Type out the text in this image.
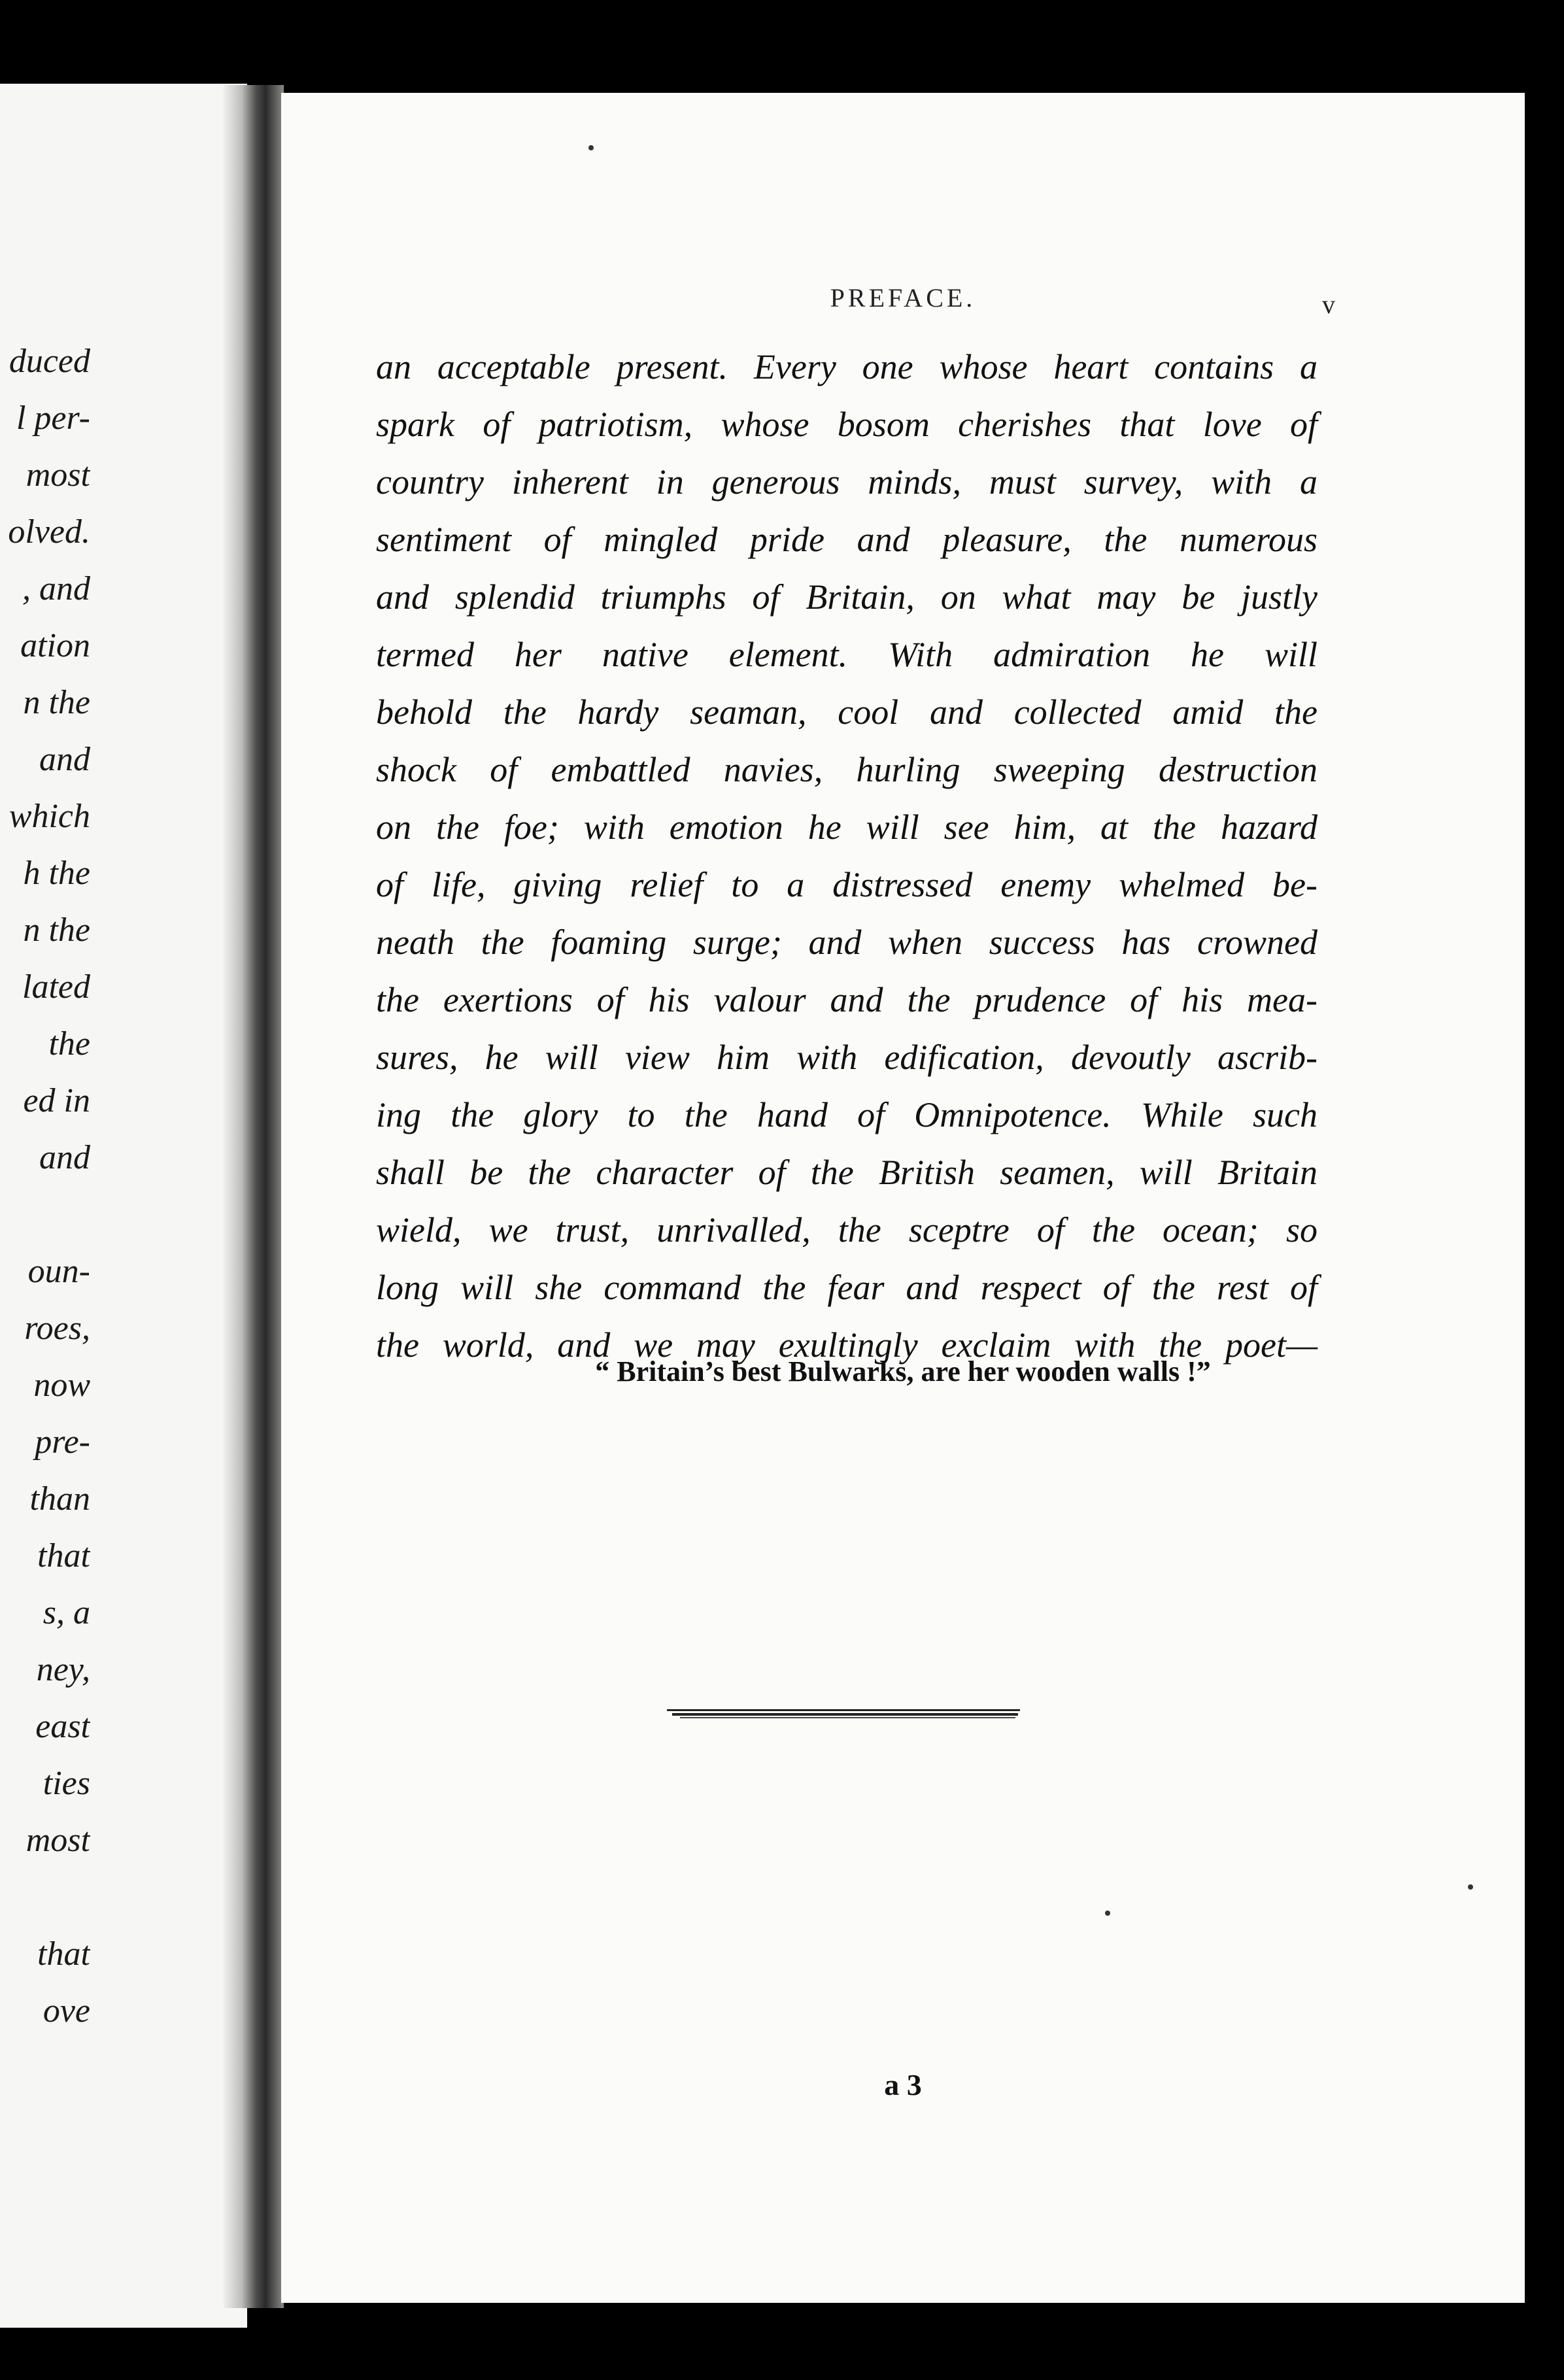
duced
l per-
most
olved.
, and
ation
n the
and
which
h the
n the
lated
the
ed in
and
oun-
roes,
now
pre-
than
that
s, a
ney,
east
ties
most
that
ove
PREFACE.	v
an acceptable present. Every one whose heart contains a
spark of patriotism, whose bosom cherishes that love of
country inherent in generous minds, must survey, with a
sentiment of mingled pride and pleasure, the numerous
and splendid triumphs of Britain, on what may be justly
termed her native element. With admiration he will
behold the hardy seaman, cool and collected amid the
shock of embattled navies, hurling sweeping destruction
on the foe; with emotion he will see him, at the hazard
of life, giving relief to a distressed enemy whelmed be-
neath the foaming surge; and when success has crowned
the exertions of his valour and the prudence of his mea-
sures, he will view him with edification, devoutly ascrib-
ing the glory to the hand of Omnipotence. While such
shall be the character of the British seamen, will Britain
wield, we trust, unrivalled, the sceptre of the ocean; so
long will she command the fear and respect of the rest of
the world, and we may exultingly exclaim with the poet—
“ Britain’s best Bulwarks, are her wooden walls !”
a 3
